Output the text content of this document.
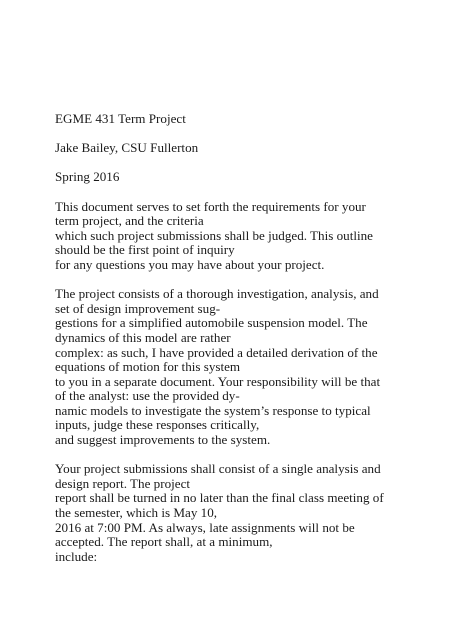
EGME 431 Term Project

Jake Bailey, CSU Fullerton

Spring 2016

This document serves to set forth the requirements for your
term project, and the criteria
which such project submissions shall be judged. This outline
should be the first point of inquiry
for any questions you may have about your project.

The project consists of a thorough investigation, analysis, and
set of design improvement sug-
gestions for a simplified automobile suspension model. The
dynamics of this model are rather
complex: as such, I have provided a detailed derivation of the
equations of motion for this system
to you in a separate document. Your responsibility will be that
of the analyst: use the provided dy-
namic models to investigate the system’s response to typical
inputs, judge these responses critically,
and suggest improvements to the system.

Your project submissions shall consist of a single analysis and
design report. The project
report shall be turned in no later than the final class meeting of
the semester, which is May 10,
2016 at 7:00 PM. As always, late assignments will not be
accepted. The report shall, at a minimum,
include:
